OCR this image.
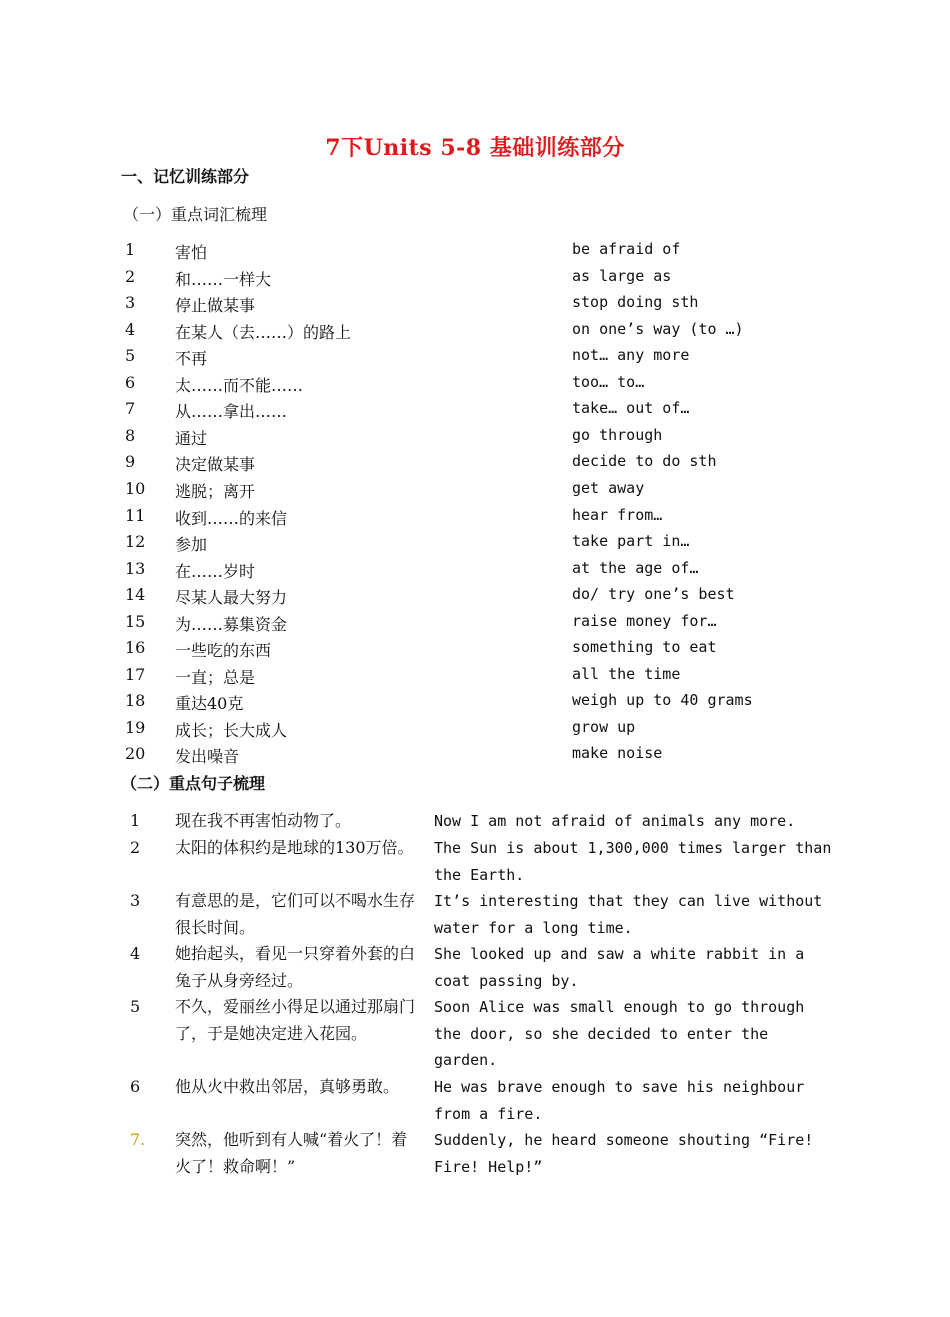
7下Units 5-8 基础训练部分
一、记忆训练部分
（一）重点词汇梳理
1	害怕	be afraid of
2	和……一样大	as large as
3	停止做某事	stop doing sth
4	在某人（去……）的路上	on one’s way (to …)
5	不再	not… any more
6	太……而不能……	too… to…
7	从……拿出……	take… out of…
8	通过	go through
9	决定做某事	decide to do sth
10 逃脱；离开	get away
11 收到……的来信	hear from…
12 参加	take part in…
13 在……岁时	at the age of…
14 尽某人最大努力	do/ try one’s best
15 为……募集资金	raise money for…
16 一些吃的东西	something to eat
17 一直；总是	all the time
18 重达40克	weigh up to 40 grams
19 成长；长大成人	grow up
20 发出噪音	make noise
（二）重点句子梳理
1	现在我不再害怕动物了。	Now I am not afraid of animals any more.
2	太阳的体积约是地球的130万倍。 The Sun is about 1,300,000 times larger than the Earth.
3	有意思的是，它们可以不喝水生存很长时间。
It’s interesting that they can live without water for a long time.
4	她抬起头，看见一只穿着外套的白兔子从身旁经过。
She looked up and saw a white rabbit in a coat passing by.
5	不久，爱丽丝小得足以通过那扇门了，于是她决定进入花园。
Soon Alice was small enough to go through the door, so she decided to enter the garden.
6	他从火中救出邻居，真够勇敢。	He was brave enough to save his neighbour from a fire.
7.	突然，他听到有人喊“着火了！着火了！救命啊！”
Suddenly, he heard someone shouting “Fire! Fire! Help!”
